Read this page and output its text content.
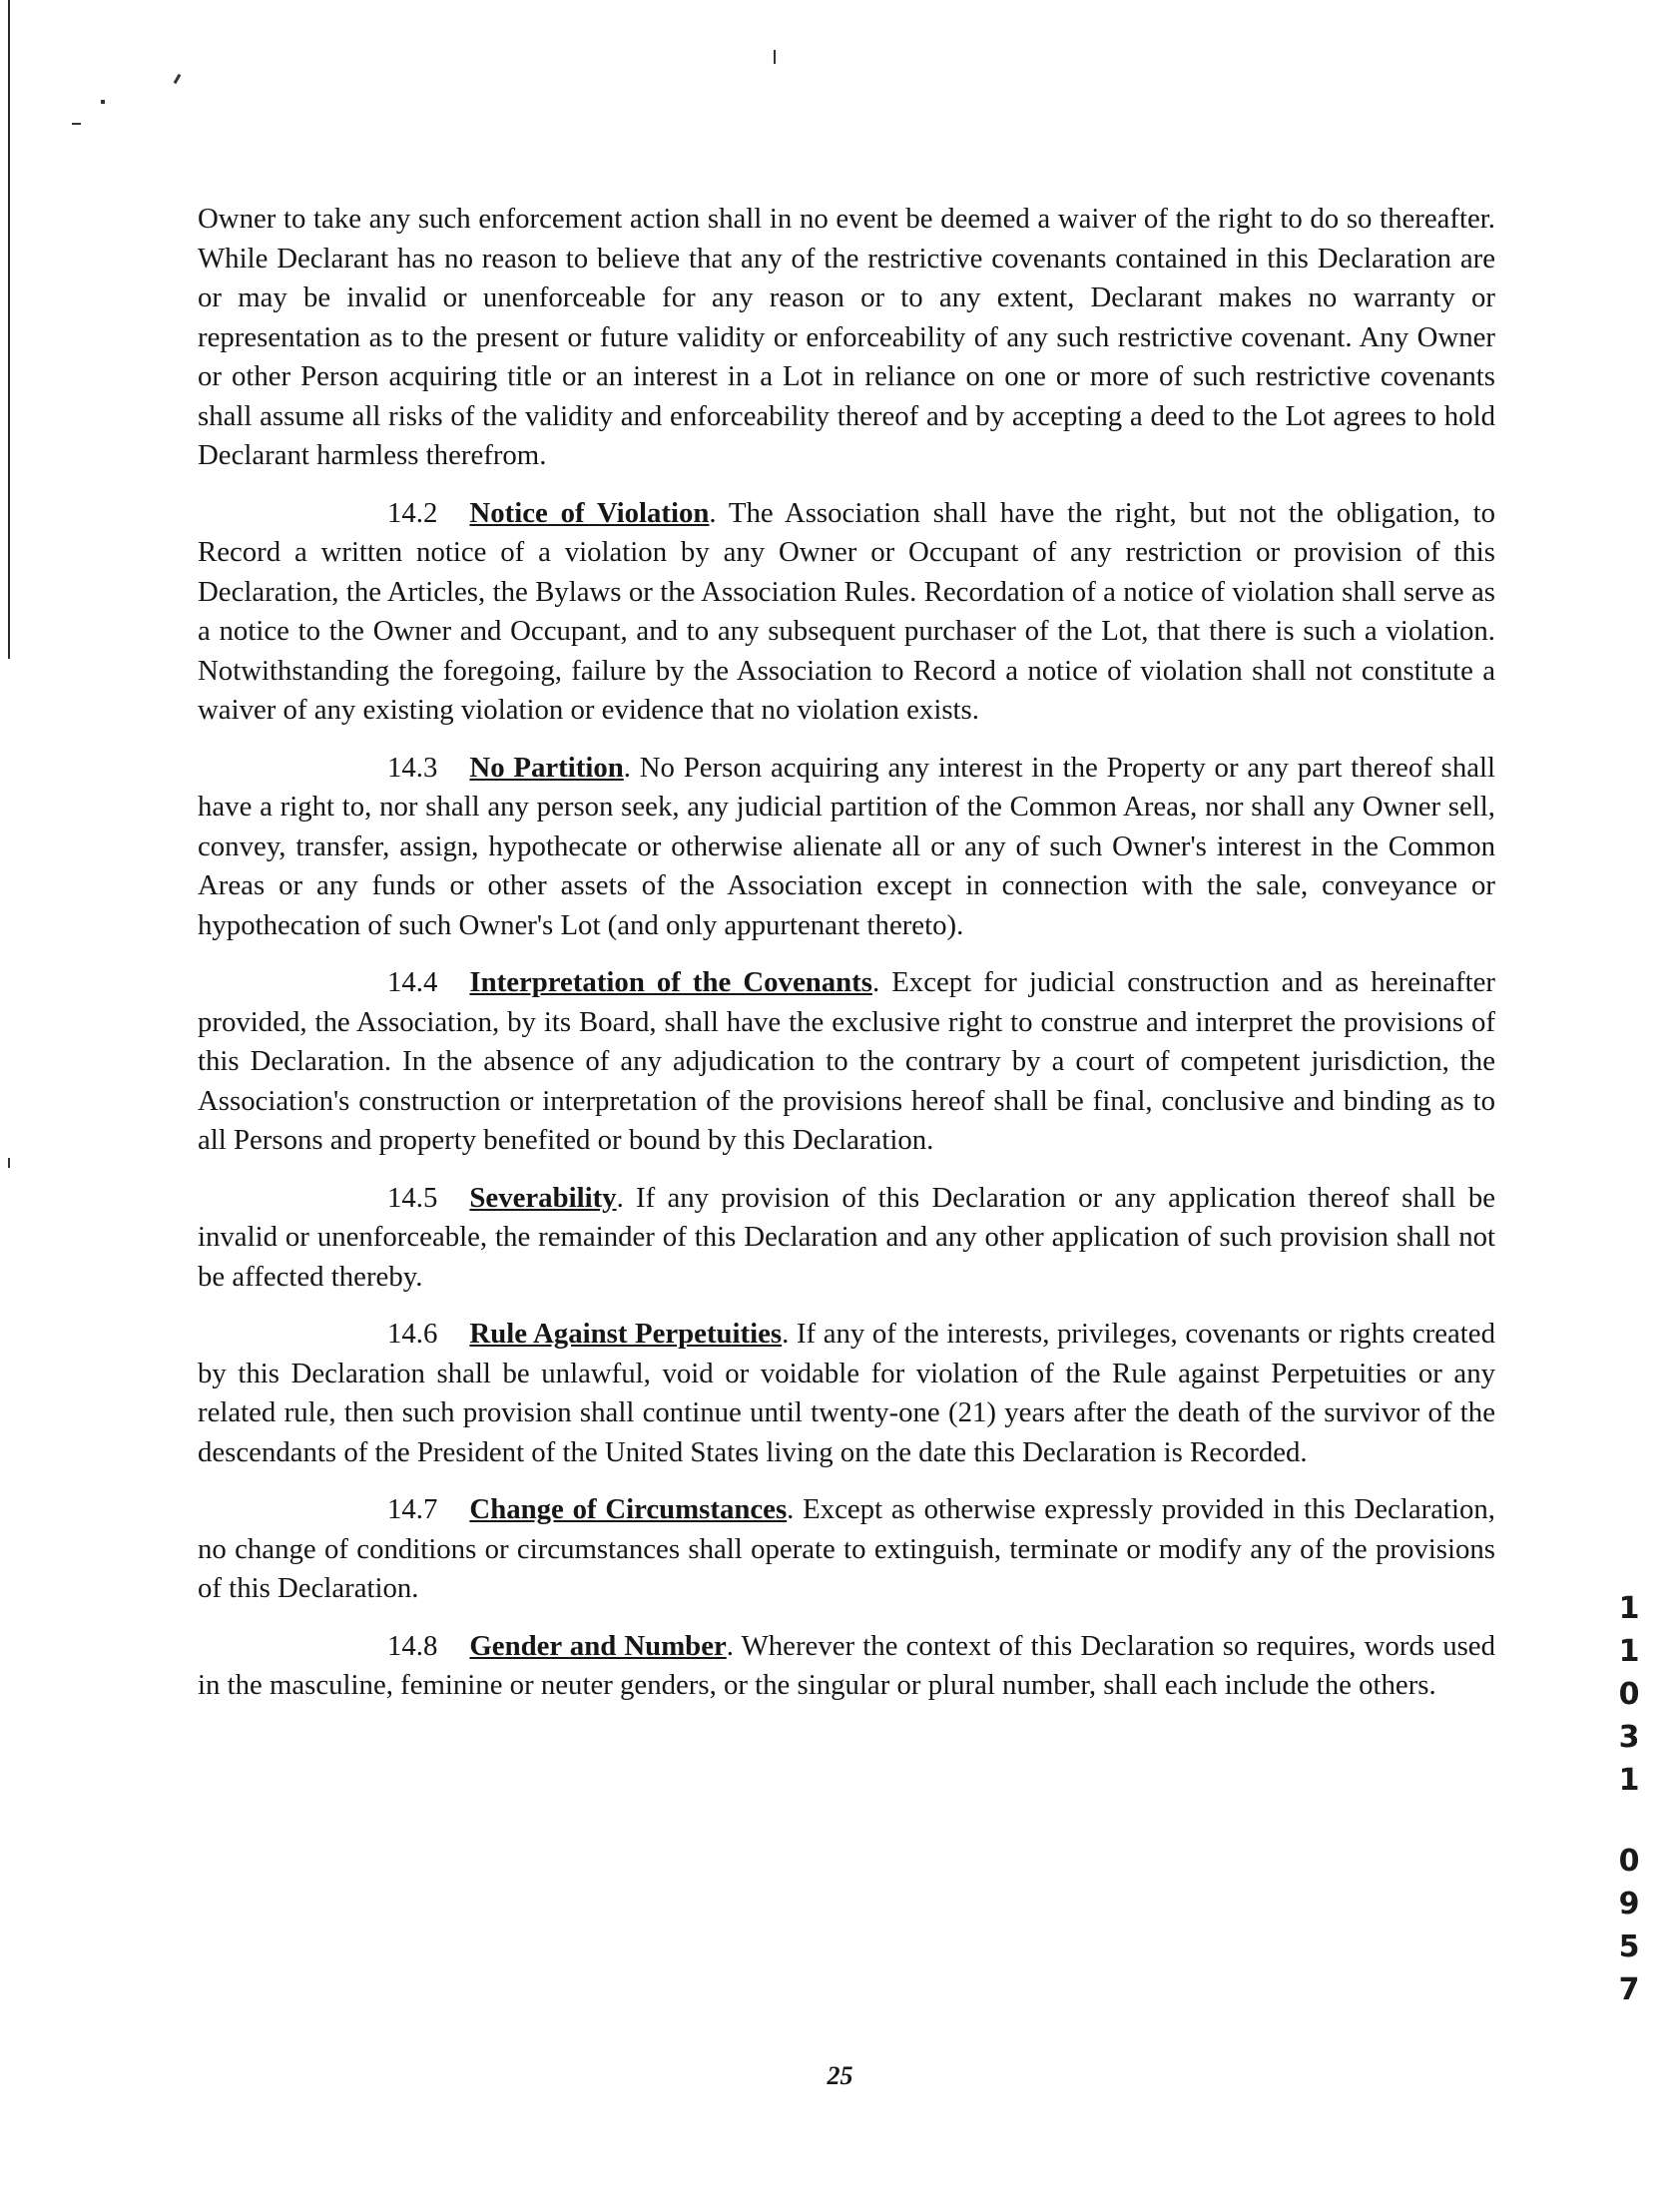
Owner to take any such enforcement action shall in no event be deemed a waiver of the right to do so thereafter. While Declarant has no reason to believe that any of the restrictive covenants contained in this Declaration are or may be invalid or unenforceable for any reason or to any extent, Declarant makes no warranty or representation as to the present or future validity or enforceability of any such restrictive covenant. Any Owner or other Person acquiring title or an interest in a Lot in reliance on one or more of such restrictive covenants shall assume all risks of the validity and enforceability thereof and by accepting a deed to the Lot agrees to hold Declarant harmless therefrom.

14.2 Notice of Violation. The Association shall have the right, but not the obligation, to Record a written notice of a violation by any Owner or Occupant of any restriction or provision of this Declaration, the Articles, the Bylaws or the Association Rules. Recordation of a notice of violation shall serve as a notice to the Owner and Occupant, and to any subsequent purchaser of the Lot, that there is such a violation. Notwithstanding the foregoing, failure by the Association to Record a notice of violation shall not constitute a waiver of any existing violation or evidence that no violation exists.

14.3 No Partition. No Person acquiring any interest in the Property or any part thereof shall have a right to, nor shall any person seek, any judicial partition of the Common Areas, nor shall any Owner sell, convey, transfer, assign, hypothecate or otherwise alienate all or any of such Owner's interest in the Common Areas or any funds or other assets of the Association except in connection with the sale, conveyance or hypothecation of such Owner's Lot (and only appurtenant thereto).

14.4 Interpretation of the Covenants. Except for judicial construction and as hereinafter provided, the Association, by its Board, shall have the exclusive right to construe and interpret the provisions of this Declaration. In the absence of any adjudication to the contrary by a court of competent jurisdiction, the Association's construction or interpretation of the provisions hereof shall be final, conclusive and binding as to all Persons and property benefited or bound by this Declaration.

14.5 Severability. If any provision of this Declaration or any application thereof shall be invalid or unenforceable, the remainder of this Declaration and any other application of such provision shall not be affected thereby.

14.6 Rule Against Perpetuities. If any of the interests, privileges, covenants or rights created by this Declaration shall be unlawful, void or voidable for violation of the Rule against Perpetuities or any related rule, then such provision shall continue until twenty-one (21) years after the death of the survivor of the descendants of the President of the United States living on the date this Declaration is Recorded.

14.7 Change of Circumstances. Except as otherwise expressly provided in this Declaration, no change of conditions or circumstances shall operate to extinguish, terminate or modify any of the provisions of this Declaration.

14.8 Gender and Number. Wherever the context of this Declaration so requires, words used in the masculine, feminine or neuter genders, or the singular or plural number, shall each include the others.

1
1
0
3
1
0
9
5
7
25
